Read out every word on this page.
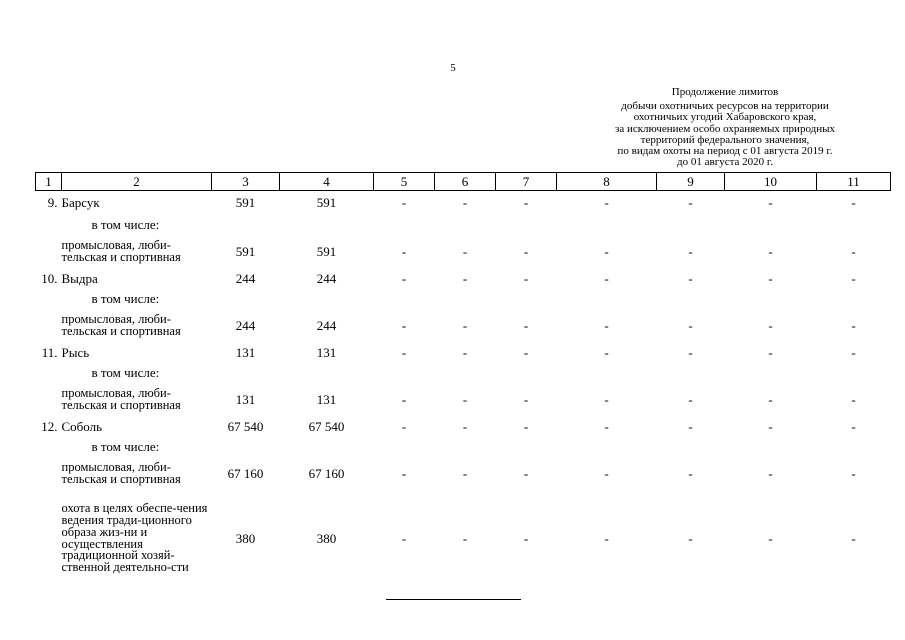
5
Продолжение лимитов
добычи охотничьих ресурсов на территории
охотничьих угодий Хабаровского края,
за исключением особо охраняемых природных
территорий федерального значения,
по видам охоты на период с 01 августа 2019 г.
до 01 августа 2020 г.
1	2	3	4	5	6	7	8	9	10	11
9.	Барсук	591	591	-	-	-	-	-	-	-
	в том числе:									
	промысловая, люби-тельская и спортивная	591	591	-	-	-	-	-	-	-
10.	Выдра	244	244	-	-	-	-	-	-	-
	в том числе:									
	промысловая, люби-тельская и спортивная	244	244	-	-	-	-	-	-	-
11.	Рысь	131	131	-	-	-	-	-	-	-
	в том числе:									
	промысловая, люби-тельская и спортивная	131	131	-	-	-	-	-	-	-
12.	Соболь	67 540	67 540	-	-	-	-	-	-	-
	в том числе:									
	промысловая, люби-тельская и спортивная	67 160	67 160	-	-	-	-	-	-	-
	охота в целях обеспе-чения ведения тради-ционного образа жиз-ни и осуществления традиционной хозяй-ственной деятельно-сти	380	380	-	-	-	-	-	-	-
